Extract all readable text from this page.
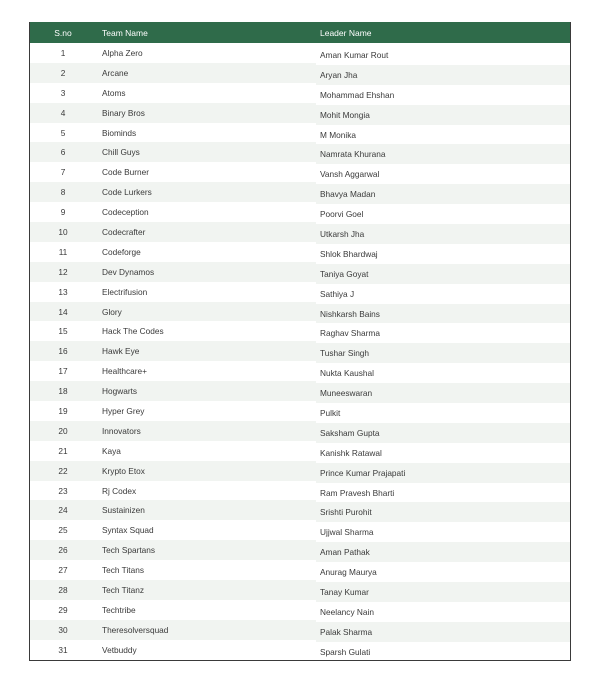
S.no	Team Name	Leader Name
1	Alpha Zero	Aman Kumar Rout
2	Arcane	Aryan Jha
3	Atoms	Mohammad Ehshan
4	Binary Bros	Mohit Mongia
5	Biominds	M Monika
6	Chill Guys	Namrata Khurana
7	Code Burner	Vansh Aggarwal
8	Code Lurkers	Bhavya Madan
9	Codeception	Poorvi Goel
10	Codecrafter	Utkarsh Jha
11	Codeforge	Shlok Bhardwaj
12	Dev Dynamos	Taniya Goyat
13	Electrifusion	Sathiya J
14	Glory	Nishkarsh Bains
15	Hack The Codes	Raghav Sharma
16	Hawk Eye	Tushar Singh
17	Healthcare+	Nukta Kaushal
18	Hogwarts	Muneeswaran
19	Hyper Grey	Pulkit
20	Innovators	Saksham Gupta
21	Kaya	Kanishk Ratawal
22	Krypto Etox	Prince Kumar Prajapati
23	Rj Codex	Ram Pravesh Bharti
24	Sustainizen	Srishti Purohit
25	Syntax Squad	Ujjwal Sharma
26	Tech Spartans	Aman Pathak
27	Tech Titans	Anurag Maurya
28	Tech Titanz	Tanay Kumar
29	Techtribe	Neelancy Nain
30	Theresolversquad	Palak Sharma
31	Vetbuddy	Sparsh Gulati
